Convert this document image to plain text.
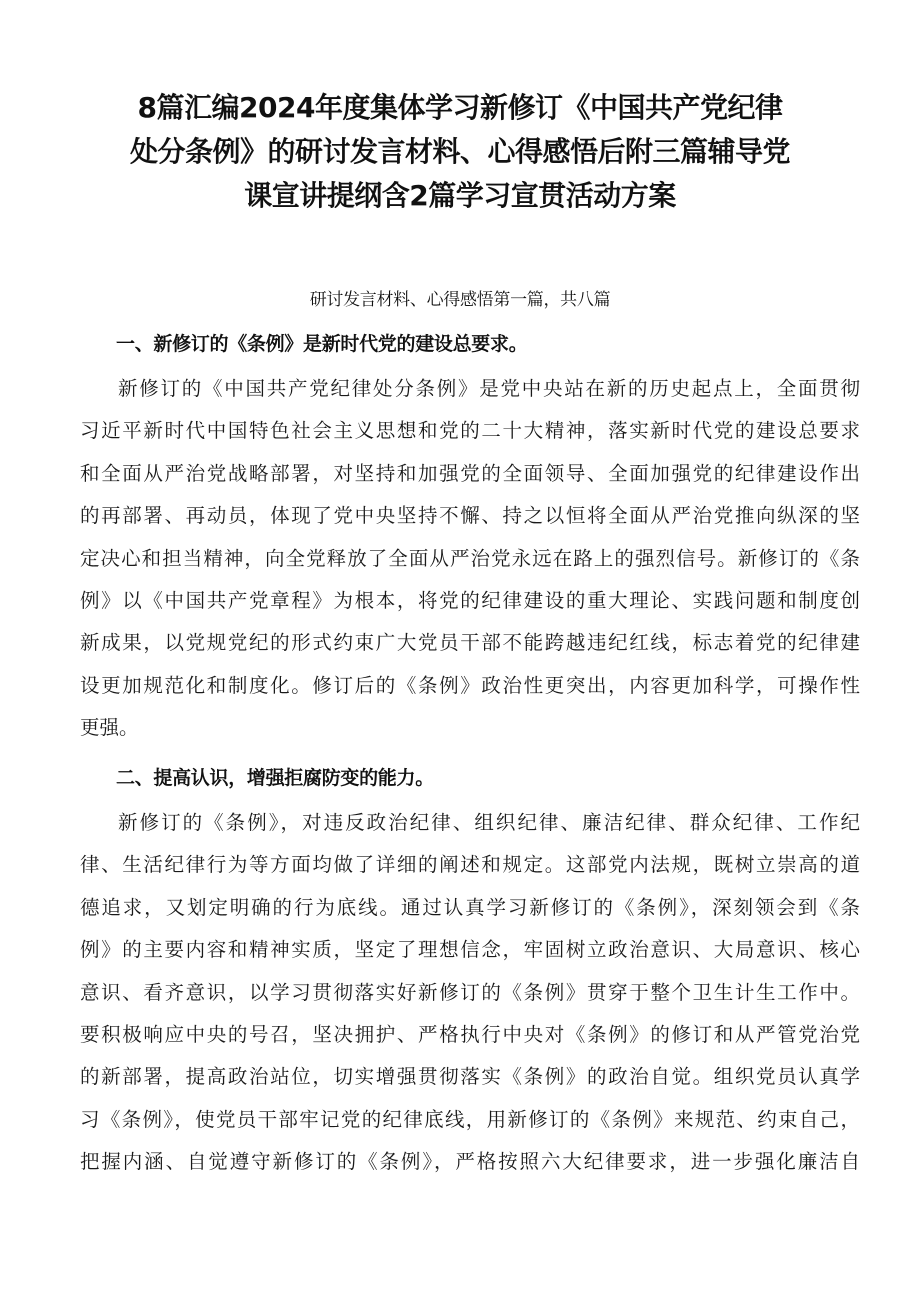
8篇汇编2024年度集体学习新修订《中国共产党纪律
处分条例》的研讨发言材料、心得感悟后附三篇辅导党
课宣讲提纲含2篇学习宣贯活动方案
研讨发言材料、心得感悟第一篇，共八篇
一、新修订的《条例》是新时代党的建设总要求。
新修订的《中国共产党纪律处分条例》是党中央站在新的历史起点上，全面贯彻
习近平新时代中国特色社会主义思想和党的二十大精神，落实新时代党的建设总要求
和全面从严治党战略部署，对坚持和加强党的全面领导、全面加强党的纪律建设作出
的再部署、再动员，体现了党中央坚持不懈、持之以恒将全面从严治党推向纵深的坚
定决心和担当精神，向全党释放了全面从严治党永远在路上的强烈信号。新修订的《条
例》以《中国共产党章程》为根本，将党的纪律建设的重大理论、实践问题和制度创
新成果，以党规党纪的形式约束广大党员干部不能跨越违纪红线，标志着党的纪律建
设更加规范化和制度化。修订后的《条例》政治性更突出，内容更加科学，可操作性
更强。
二、提高认识，增强拒腐防变的能力。
新修订的《条例》，对违反政治纪律、组织纪律、廉洁纪律、群众纪律、工作纪
律、生活纪律行为等方面均做了详细的阐述和规定。这部党内法规，既树立崇高的道
德追求，又划定明确的行为底线。通过认真学习新修订的《条例》，深刻领会到《条
例》的主要内容和精神实质，坚定了理想信念，牢固树立政治意识、大局意识、核心
意识、看齐意识，以学习贯彻落实好新修订的《条例》贯穿于整个卫生计生工作中。
要积极响应中央的号召，坚决拥护、严格执行中央对《条例》的修订和从严管党治党
的新部署，提高政治站位，切实增强贯彻落实《条例》的政治自觉。组织党员认真学
习《条例》，使党员干部牢记党的纪律底线，用新修订的《条例》来规范、约束自己，
把握内涵、自觉遵守新修订的《条例》，严格按照六大纪律要求，进一步强化廉洁自
